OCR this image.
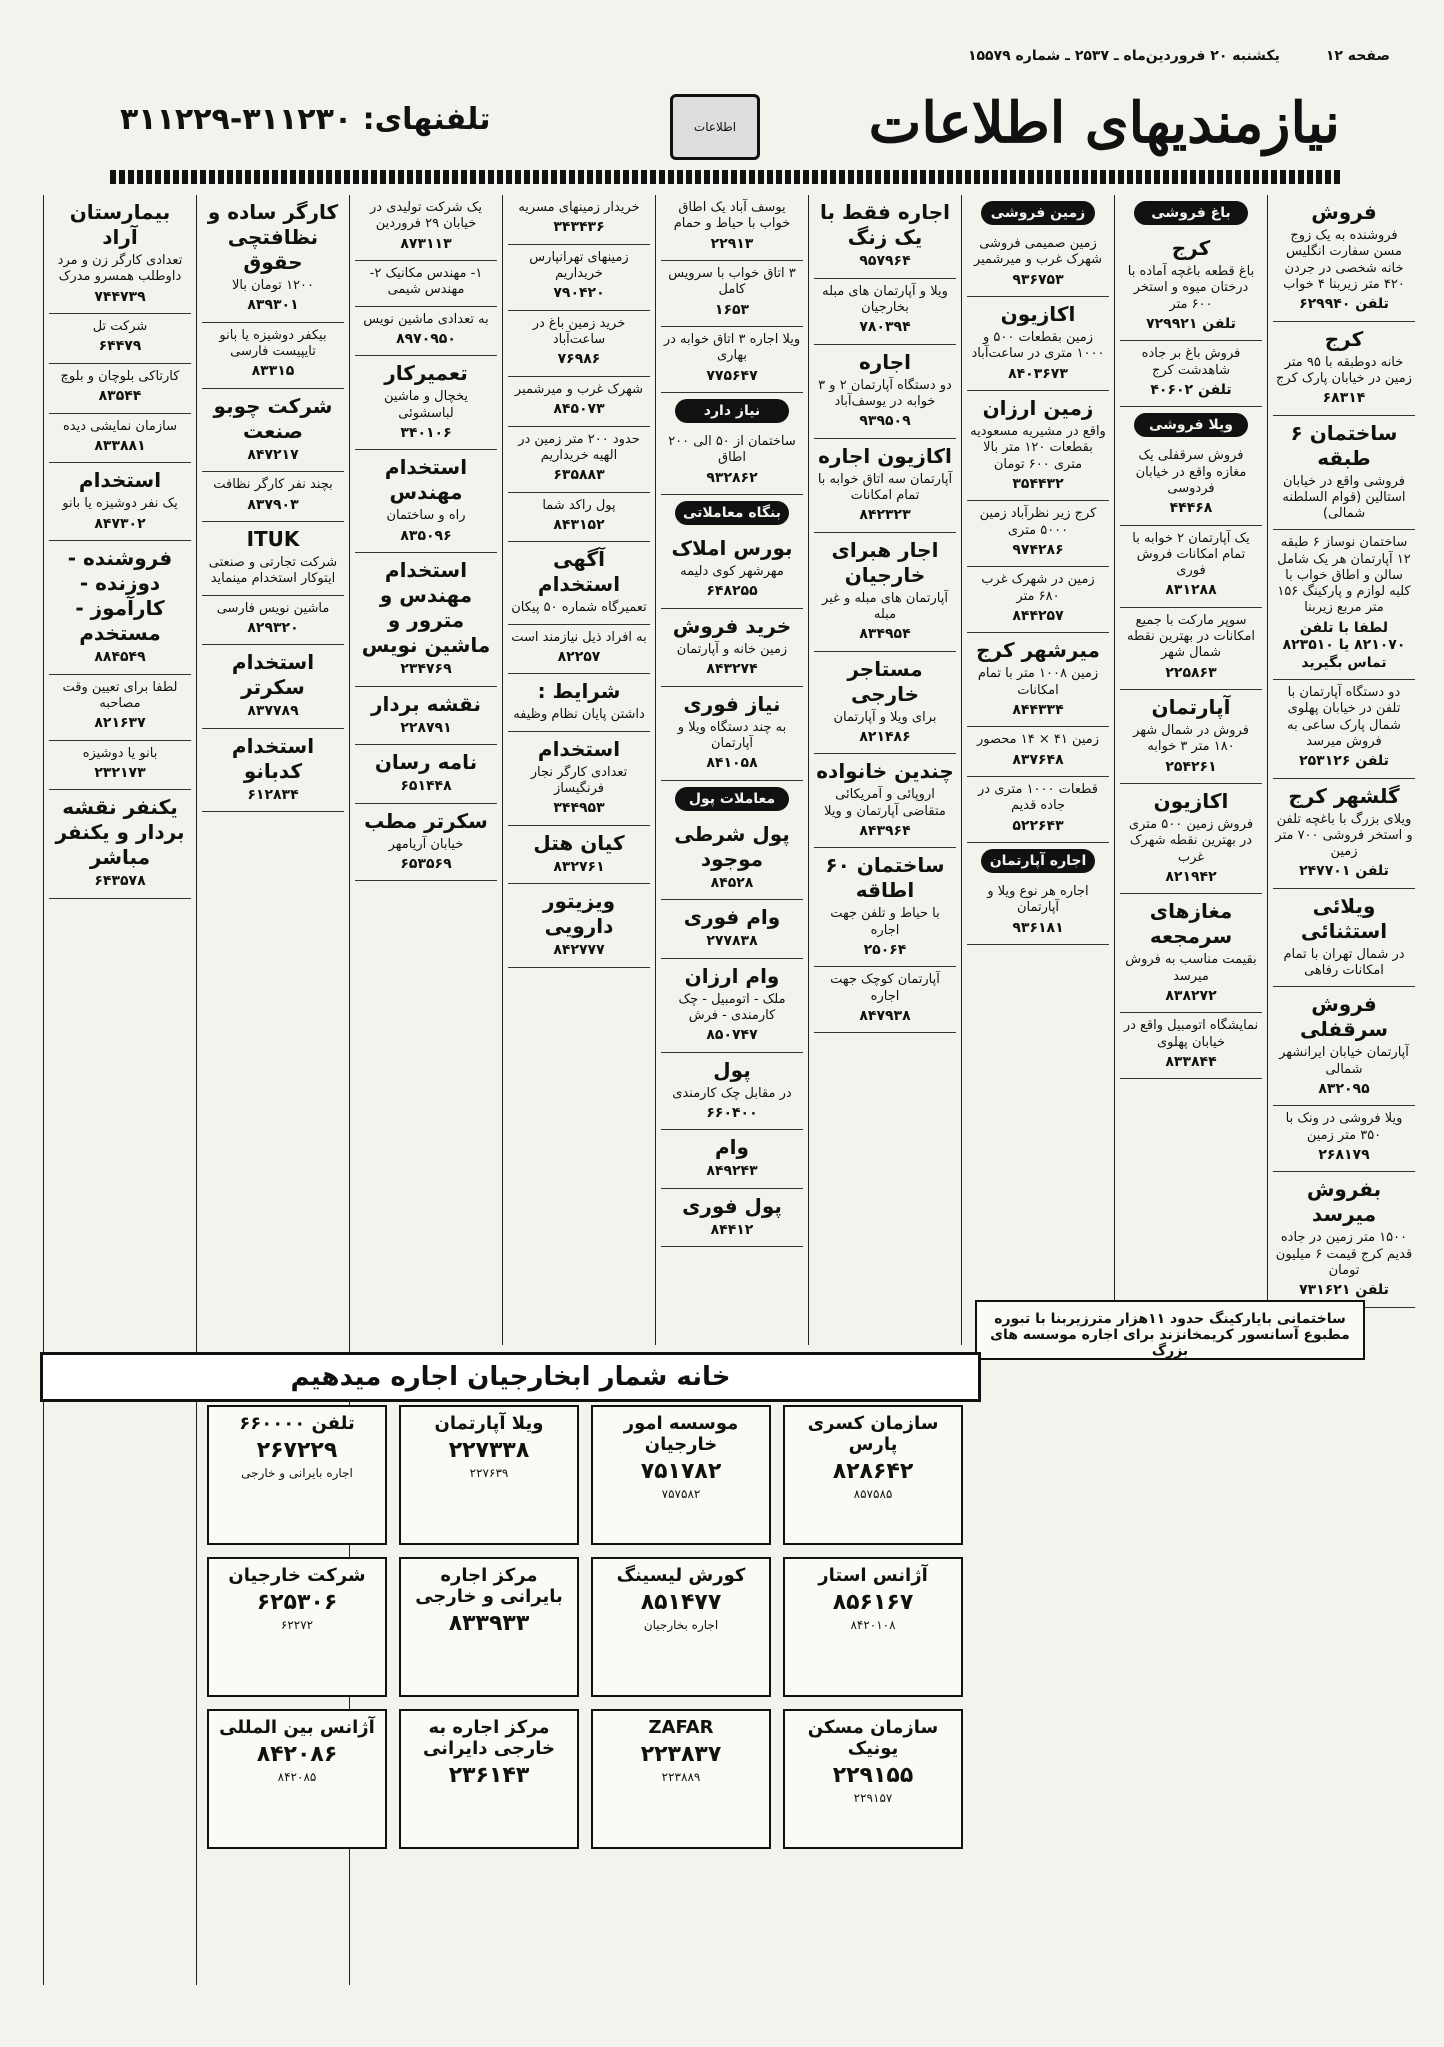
صفحه ۱۲
یکشنبه ۲۰ فروردین‌ماه ـ ۲۵۳۷ ـ شماره ۱۵۵۷۹
تلفنهای: ۳۱۱۲۳۰-۳۱۱۲۲۹	اطلاعات نیازمندیهای اطلاعات
فروش
فروشنده به یک زوج مسن سفارت انگلیس خانه شخصی در جردن ۴۲۰ متر زیربنا ۴ خواب
تلفن ۶۲۹۹۴۰
کرج
خانه دوطبقه با ۹۵ متر زمین در خیابان پارک کرج
۶۸۳۱۴
ساختمان ۶ طبقه
فروشی واقع در خیابان استالین (قوام السلطنه شمالی)
ساختمان نوساز ۶ طبقه ۱۲ آپارتمان هر یک شامل سالن و اطاق خواب با کلیه لوازم و پارکینگ ۱۵۶ متر مربع زیربنا
لطفا با تلفن ۸۲۱۰۷۰ یا ۸۲۳۵۱۰ تماس بگیرید
دو دستگاه آپارتمان با تلفن در خیابان پهلوی شمال پارک ساعی به فروش میرسد
تلفن ۲۵۳۱۲۶
گلشهر کرج
ویلای بزرگ با باغچه تلفن و استخر فروشی ۷۰۰ متر زمین
تلفن ۲۴۷۷۰۱
ویلائی استثنائی
در شمال تهران با تمام امکانات رفاهی
فروش سرقفلی
آپارتمان خیابان ایرانشهر شمالی
۸۳۲۰۹۵
ویلا فروشی در ونک با ۳۵۰ متر زمین
۲۶۸۱۷۹
بفروش میرسد
۱۵۰۰ متر زمین در جاده قدیم کرج قیمت ۶ میلیون تومان
تلفن ۷۳۱۶۲۱
باغ فروشی
کرج
باغ قطعه باغچه آماده با درختان میوه و استخر ۶۰۰ متر
تلفن ۷۲۹۹۲۱
فروش باغ بر جاده شاهدشت کرج
تلفن ۴۰۶۰۲
ویلا فروشی
فروش سرقفلی یک مغازه واقع در خیابان فردوسی
۴۴۴۶۸
یک آپارتمان ۲ خوابه با تمام امکانات فروش فوری
۸۳۱۲۸۸
سوپر مارکت با جمیع امکانات در بهترین نقطه شمال شهر
۲۲۵۸۶۳
آپارتمان
فروش در شمال شهر ۱۸۰ متر ۳ خوابه
۲۵۴۲۶۱
اکازیون
فروش زمین ۵۰۰ متری در بهترین نقطه شهرک غرب
۸۲۱۹۴۲
مغازهای سرمجعه
بقیمت مناسب به فروش میرسد
۸۳۸۲۷۲
نمایشگاه اتومبیل واقع در خیابان پهلوی
۸۳۳۸۴۴
زمین فروشی
زمین صمیمی فروشی شهرک غرب و میرشمیر
۹۳۶۷۵۳
اکازیون
زمین بقطعات ۵۰۰ و ۱۰۰۰ متری در ساعت‌آباد
۸۴۰۳۶۷۳
زمین ارزان
واقع در مشیریه مسعودیه بقطعات ۱۲۰ متر بالا متری ۶۰۰ تومان
۳۵۴۴۳۲
کرج زیر نظرآباد زمین ۵۰۰۰ متری
۹۷۴۲۸۶
زمین در شهرک غرب ۶۸۰ متر
۸۴۴۲۵۷
میرشهر کرج
زمین ۱۰۰۸ متر با تمام امکانات
۸۴۴۳۳۴
زمین ۴۱ × ۱۴ محصور
۸۳۷۶۴۸
قطعات ۱۰۰۰ متری در جاده قدیم
۵۲۲۶۴۳
اجاره آپارتمان
اجاره هر نوع ویلا و آپارتمان
۹۳۶۱۸۱
اجاره فقط با یک زنگ
۹۵۷۹۶۴
ویلا و آپارتمان های مبله بخارجیان
۷۸۰۳۹۴
اجاره
دو دستگاه آپارتمان ۲ و ۳ خوابه در یوسف‌آباد
۹۳۹۵۰۹
اکازیون اجاره
آپارتمان سه اتاق خوابه با تمام امکانات
۸۴۲۳۲۳
اجار هبرای خارجیان
آپارتمان های مبله و غیر مبله
۸۳۴۹۵۴
مستاجر خارجی
برای ویلا و آپارتمان
۸۲۱۴۸۶
چندین خانواده
اروپائی و آمریکائی متقاضی آپارتمان و ویلا
۸۴۳۹۶۴
ساختمان ۶۰ اطاقه
با حیاط و تلفن جهت اجاره
۲۵۰۶۴
آپارتمان کوچک جهت اجاره
۸۴۷۹۳۸
یوسف آباد یک اطاق خواب با حیاط و حمام
۲۲۹۱۳
۳ اتاق خواب با سرویس کامل
۱۶۵۳
ویلا اجاره ۳ اتاق خوابه در بهاری
۷۷۵۶۴۷
نیاز دارد
ساختمان از ۵۰ الی ۲۰۰ اطاق
۹۳۲۸۶۲
بنگاه معاملاتی
بورس املاک
مهرشهر کوی دلیمه
۶۴۸۲۵۵
خرید فروش
زمین خانه و آپارتمان
۸۴۳۲۷۴
نیاز فوری
به چند دستگاه ویلا و آپارتمان
۸۴۱۰۵۸
معاملات پول
پول شرطی موجود
۸۴۵۲۸
وام فوری
۲۷۷۸۳۸
وام ارزان
ملک - اتومبیل - چک کارمندی - فرش
۸۵۰۷۴۷
پول
در مقابل چک کارمندی
۶۶۰۴۰۰
وام
۸۴۹۲۴۳
پول فوری
۸۴۴۱۲
خریدار زمینهای مسریه
۳۴۳۴۳۶
زمینهای تهرانپارس خریداریم
۷۹۰۴۲۰
خرید زمین باغ در ساعت‌آباد
۷۶۹۸۶
شهرک غرب و میرشمیر
۸۴۵۰۷۳
حدود ۲۰۰ متر زمین در الهیه خریداریم
۶۳۵۸۸۳
پول راکد شما
۸۴۳۱۵۲
آگهی استخدام
تعمیرگاه شماره ۵۰ پیکان
به افراد ذیل نیازمند است
۸۲۲۵۷
شرایط :
داشتن پایان نظام وظیفه
استخدام
تعدادی کارگر نجار فرنگیساز
۳۴۴۹۵۳
کیان هتل
۸۳۲۷۶۱
ویزیتور دارویی
۸۴۲۷۷۷
یک شرکت تولیدی در خیابان ۲۹ فروردین
۸۷۳۱۱۳
۱- مهندس مکانیک ۲- مهندس شیمی
به تعدادی ماشین نویس
۸۹۷۰۹۵۰
تعمیرکار
یخچال و ماشین لباسشوئی
۳۴۰۱۰۶
استخدام مهندس
راه و ساختمان
۸۳۵۰۹۶
استخدام مهندس و مترور و ماشین نویس
۲۳۴۷۶۹
نقشه بردار
۲۲۸۷۹۱
نامه رسان
۶۵۱۴۴۸
سکرتر مطب
خیابان آریامهر
۶۵۳۵۶۹
کارگر ساده و نظافتچی حقوق
۱۲۰۰ تومان بالا
۸۳۹۳۰۱
بیکفر دوشیزه یا بانو تایپیست فارسی
۸۳۳۱۵
شرکت چوبو صنعت
۸۴۷۲۱۷
بچند نفر کارگر نظافت
۸۳۷۹۰۳
ITUK
شرکت تجارتی و صنعتی ایتوکار استخدام مینماید
ماشین نویس فارسی
۸۲۹۳۲۰
استخدام سکرتر
۸۳۷۷۸۹
استخدام کدبانو
۶۱۲۸۳۴
بیمارستان آراد
تعدادی کارگر زن و مرد داوطلب همسرو مدرک
۷۴۴۷۳۹
شرکت تل
۶۴۴۷۹
کارتاکی بلوچان و بلوچ
۸۳۵۴۴
سازمان نمایشی دیده
۸۳۳۸۸۱
استخدام
یک نفر دوشیزه یا بانو
۸۴۷۳۰۲
فروشنده - دوزنده - کارآموز - مستخدم
۸۸۴۵۴۹
لطفا برای تعیین وقت مصاحبه
۸۲۱۶۳۷
بانو یا دوشیزه
۲۳۲۱۷۳
یکنفر نقشه بردار و یکنفر مباشر
۶۴۳۵۷۸
ساختمانی بایارکینگ حدود ۱۱هزار مترزیربنا با تبوره مطبوع آسانسور کریمخانزند برای اجاره موسسه های بزرگ
خانه شمار ابخارجیان اجاره میدهیم
سازمان کسری پارس
۸۲۸۶۴۲
۸۵۷۵۸۵
موسسه امور خارجیان
۷۵۱۷۸۲
۷۵۷۵۸۲
ویلا آپارتمان
۲۲۷۳۳۸
۲۲۷۶۳۹
تلفن ۶۶۰۰۰۰
۲۶۷۲۲۹
اجاره بایرانی و خارجی
آژانس استار
۸۵۶۱۶۷
۸۴۲۰۱۰۸
کورش لیسینگ
۸۵۱۴۷۷
اجاره بخارجیان
مرکز اجاره بایرانی و خارجی
۸۳۳۹۳۳
شرکت خارجیان
۶۲۵۳۰۶
۶۲۲۷۲
سازمان مسکن یونیک
۲۲۹۱۵۵
۲۲۹۱۵۷
ZAFAR
۲۲۳۸۳۷
۲۲۳۸۸۹
مرکز اجاره به خارجی دایرانی
۲۳۶۱۴۳
آژانس بین المللی
۸۴۲۰۸۶
۸۴۲۰۸۵
